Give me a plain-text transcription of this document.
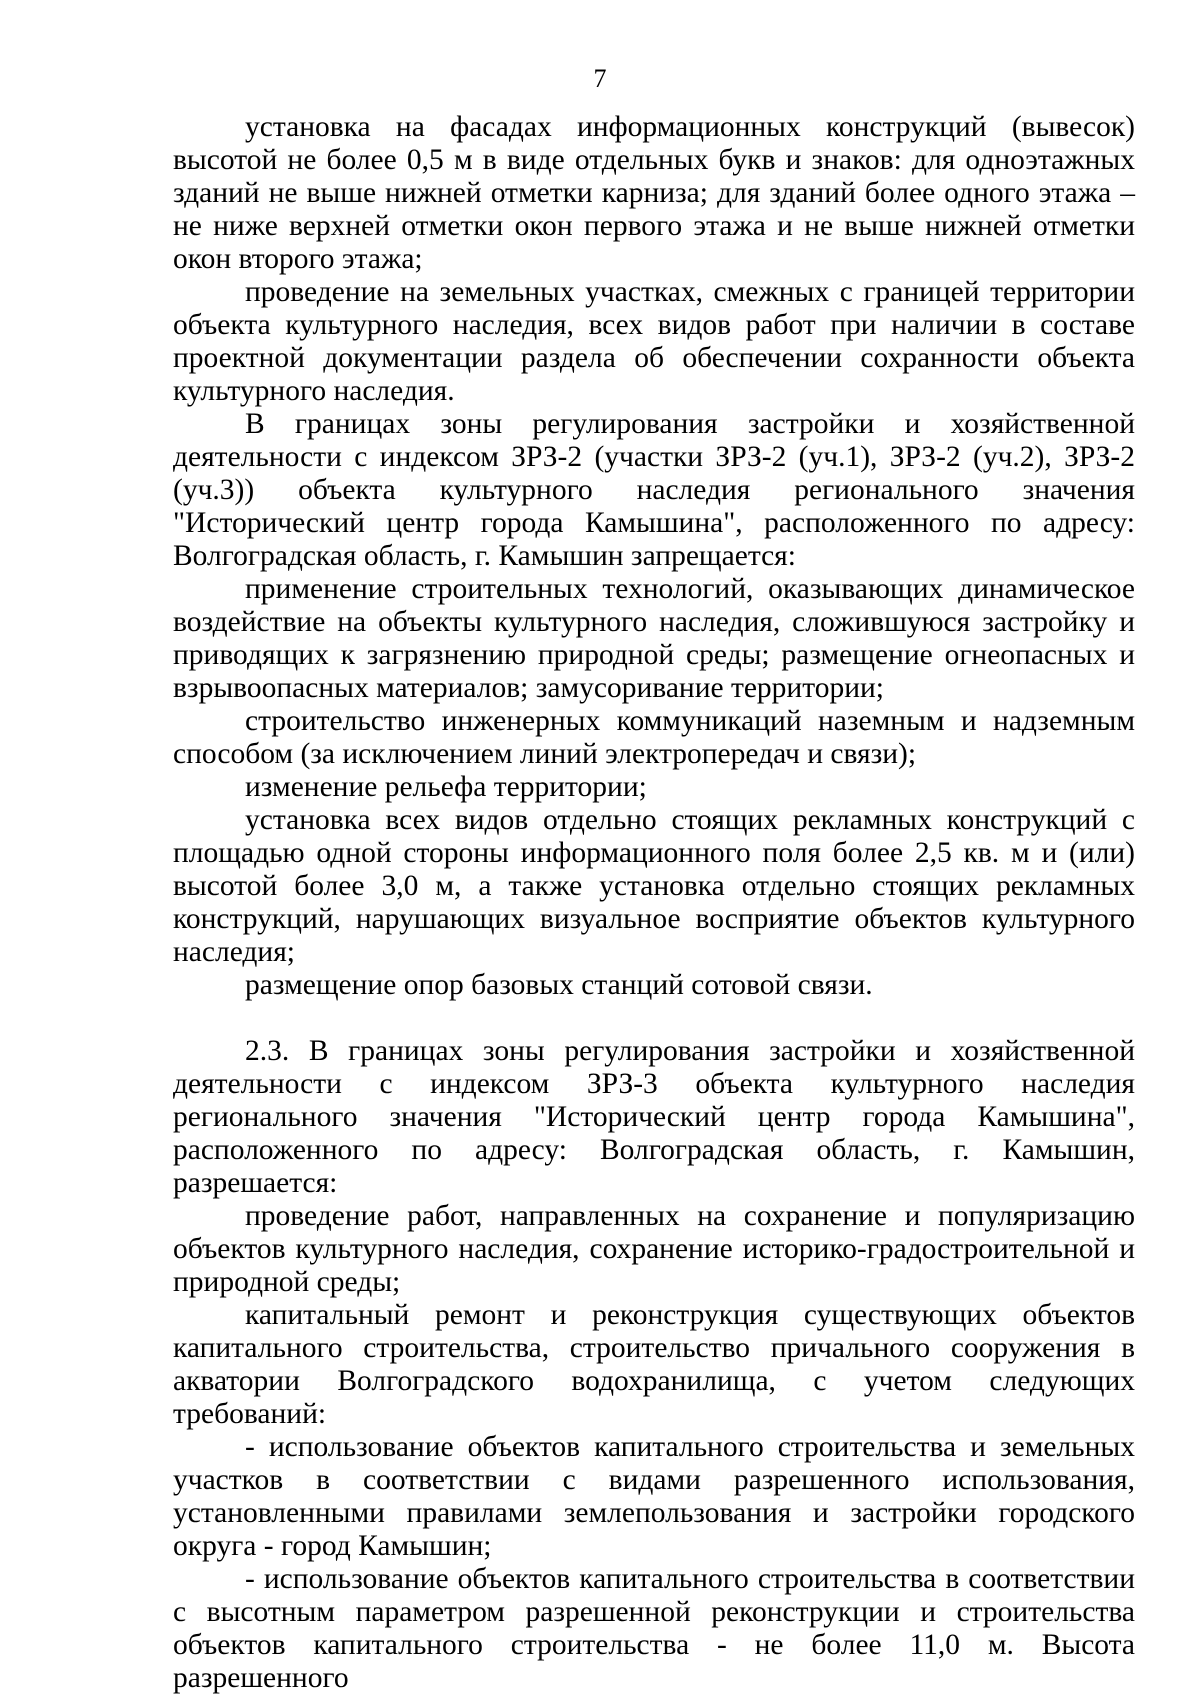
7

установка на фасадах информационных конструкций (вывесок) высотой не более 0,5 м в виде отдельных букв и знаков: для одноэтажных зданий не выше нижней отметки карниза; для зданий более одного этажа – не ниже верхней отметки окон первого этажа и не выше нижней отметки окон второго этажа;

проведение на земельных участках, смежных с границей территории объекта культурного наследия, всех видов работ при наличии в составе проектной документации раздела об обеспечении сохранности объекта культурного наследия.

В границах зоны регулирования застройки и хозяйственной деятельности с индексом ЗРЗ-2 (участки ЗРЗ-2 (уч.1), ЗРЗ-2 (уч.2), ЗРЗ-2 (уч.3)) объекта культурного наследия регионального значения "Исторический центр города Камышина", расположенного по адресу: Волгоградская область, г. Камышин запрещается:

применение строительных технологий, оказывающих динамическое воздействие на объекты культурного наследия, сложившуюся застройку и приводящих к загрязнению природной среды; размещение огнеопасных и взрывоопасных материалов; замусоривание территории;

строительство инженерных коммуникаций наземным и надземным способом (за исключением линий электропередач и связи);

изменение рельефа территории;

установка всех видов отдельно стоящих рекламных конструкций с площадью одной стороны информационного поля более 2,5 кв. м и (или) высотой более 3,0 м, а также установка отдельно стоящих рекламных конструкций, нарушающих визуальное восприятие объектов культурного наследия;

размещение опор базовых станций сотовой связи.

2.3. В границах зоны регулирования застройки и хозяйственной деятельности с индексом ЗРЗ-3 объекта культурного наследия регионального значения "Исторический центр города Камышина", расположенного по адресу: Волгоградская область, г. Камышин, разрешается:

проведение работ, направленных на сохранение и популяризацию объектов культурного наследия, сохранение историко-градостроительной и природной среды;

капитальный ремонт и реконструкция существующих объектов капитального строительства, строительство причального сооружения в акватории Волгоградского водохранилища, с учетом следующих требований:

- использование объектов капитального строительства и земельных участков в соответствии с видами разрешенного использования, установленными правилами землепользования и застройки городского округа - город Камышин;

- использование объектов капитального строительства в соответствии с высотным параметром разрешенной реконструкции и строительства объектов капитального строительства - не более 11,0 м. Высота разрешенного
